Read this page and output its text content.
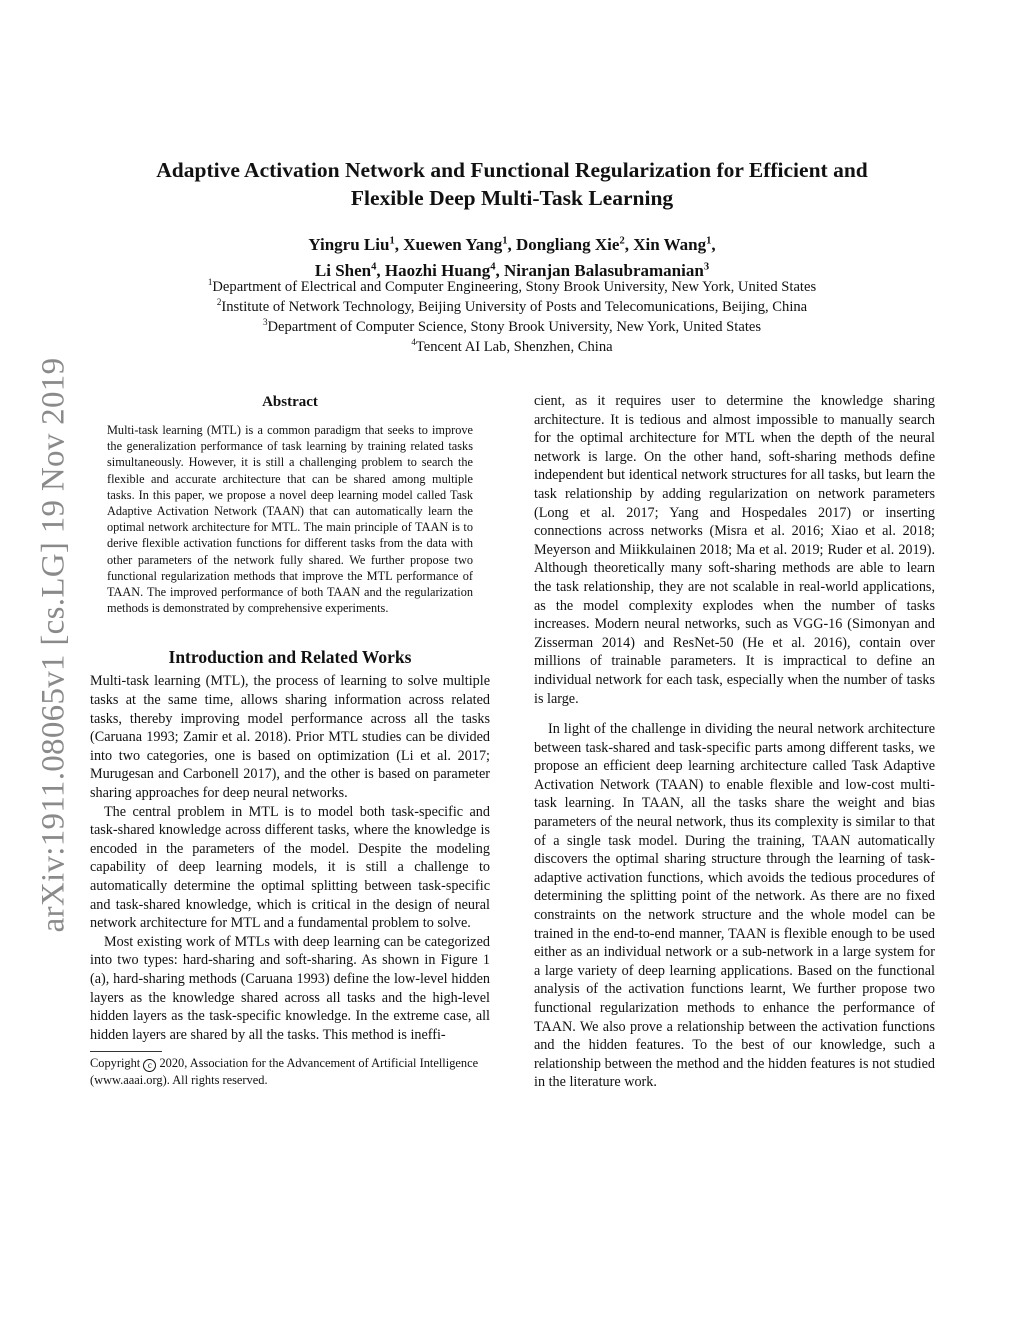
arXiv:1911.08065v1 [cs.LG] 19 Nov 2019
Adaptive Activation Network and Functional Regularization for Efficient and
Flexible Deep Multi-Task Learning
Yingru Liu$^1$, Xuewen Yang$^1$, Dongliang Xie$^2$, Xin Wang$^1$,
Li Shen$^4$, Haozhi Huang$^4$, Niranjan Balasubramanian$^3$
$^1$Department of Electrical and Computer Engineering, Stony Brook University, New York, United States
$^2$Institute of Network Technology, Beijing University of Posts and Telecomunications, Beijing, China
$^3$Department of Computer Science, Stony Brook University, New York, United States
$^4$Tencent AI Lab, Shenzhen, China
Abstract

Multi-task learning (MTL) is a common paradigm that seeks to improve the generalization performance of task learning by training related tasks simultaneously. However, it is still a challenging problem to search the flexible and accurate architecture that can be shared among multiple tasks. In this paper, we propose a novel deep learning model called Task Adaptive Activation Network (TAAN) that can automatically learn the optimal network architecture for MTL. The main principle of TAAN is to derive flexible activation functions for different tasks from the data with other parameters of the network fully shared. We further propose two functional regularization methods that improve the MTL performance of TAAN. The improved performance of both TAAN and the regularization methods is demonstrated by comprehensive experiments.

Introduction and Related Works

Multi-task learning (MTL), the process of learning to solve multiple tasks at the same time, allows sharing information across related tasks, thereby improving model performance across all the tasks (Caruana 1993; Zamir et al. 2018). Prior MTL studies can be divided into two categories, one is based on optimization (Li et al. 2017; Murugesan and Carbonell 2017), and the other is based on parameter sharing approaches for deep neural networks.

The central problem in MTL is to model both task-specific and task-shared knowledge across different tasks, where the knowledge is encoded in the parameters of the model. Despite the modeling capability of deep learning models, it is still a challenge to automatically determine the optimal splitting between task-specific and task-shared knowledge, which is critical in the design of neural network architecture for MTL and a fundamental problem to solve.

Most existing work of MTLs with deep learning can be categorized into two types: hard-sharing and soft-sharing. As shown in Figure 1 (a), hard-sharing methods (Caruana 1993) define the low-level hidden layers as the knowledge shared across all tasks and the high-level hidden layers as the task-specific knowledge. In the extreme case, all hidden layers are shared by all the tasks. This method is ineffi-

Copyright c 2020, Association for the Advancement of Artificial Intelligence (www.aaai.org). All rights reserved.

cient, as it requires user to determine the knowledge sharing architecture. It is tedious and almost impossible to manually search for the optimal architecture for MTL when the depth of the neural network is large. On the other hand, soft-sharing methods define independent but identical network structures for all tasks, but learn the task relationship by adding regularization on network parameters (Long et al. 2017; Yang and Hospedales 2017) or inserting connections across networks (Misra et al. 2016; Xiao et al. 2018; Meyerson and Miikkulainen 2018; Ma et al. 2019; Ruder et al. 2019). Although theoretically many soft-sharing methods are able to learn the task relationship, they are not scalable in real-world applications, as the model complexity explodes when the number of tasks increases. Modern neural networks, such as VGG-16 (Simonyan and Zisserman 2014) and ResNet-50 (He et al. 2016), contain over millions of trainable parameters. It is impractical to define an individual network for each task, especially when the number of tasks is large.

In light of the challenge in dividing the neural network architecture between task-shared and task-specific parts among different tasks, we propose an efficient deep learning architecture called Task Adaptive Activation Network (TAAN) to enable flexible and low-cost multi-task learning. In TAAN, all the tasks share the weight and bias parameters of the neural network, thus its complexity is similar to that of a single task model. During the training, TAAN automatically discovers the optimal sharing structure through the learning of task-adaptive activation functions, which avoids the tedious procedures of determining the splitting point of the network. As there are no fixed constraints on the network structure and the whole model can be trained in the end-to-end manner, TAAN is flexible enough to be used either as an individual network or a sub-network in a large system for a large variety of deep learning applications. Based on the functional analysis of the activation functions learnt, We further propose two functional regularization methods to enhance the performance of TAAN. We also prove a relationship between the activation functions and the hidden features. To the best of our knowledge, such a relationship between the method and the hidden features is not studied in the literature work.
